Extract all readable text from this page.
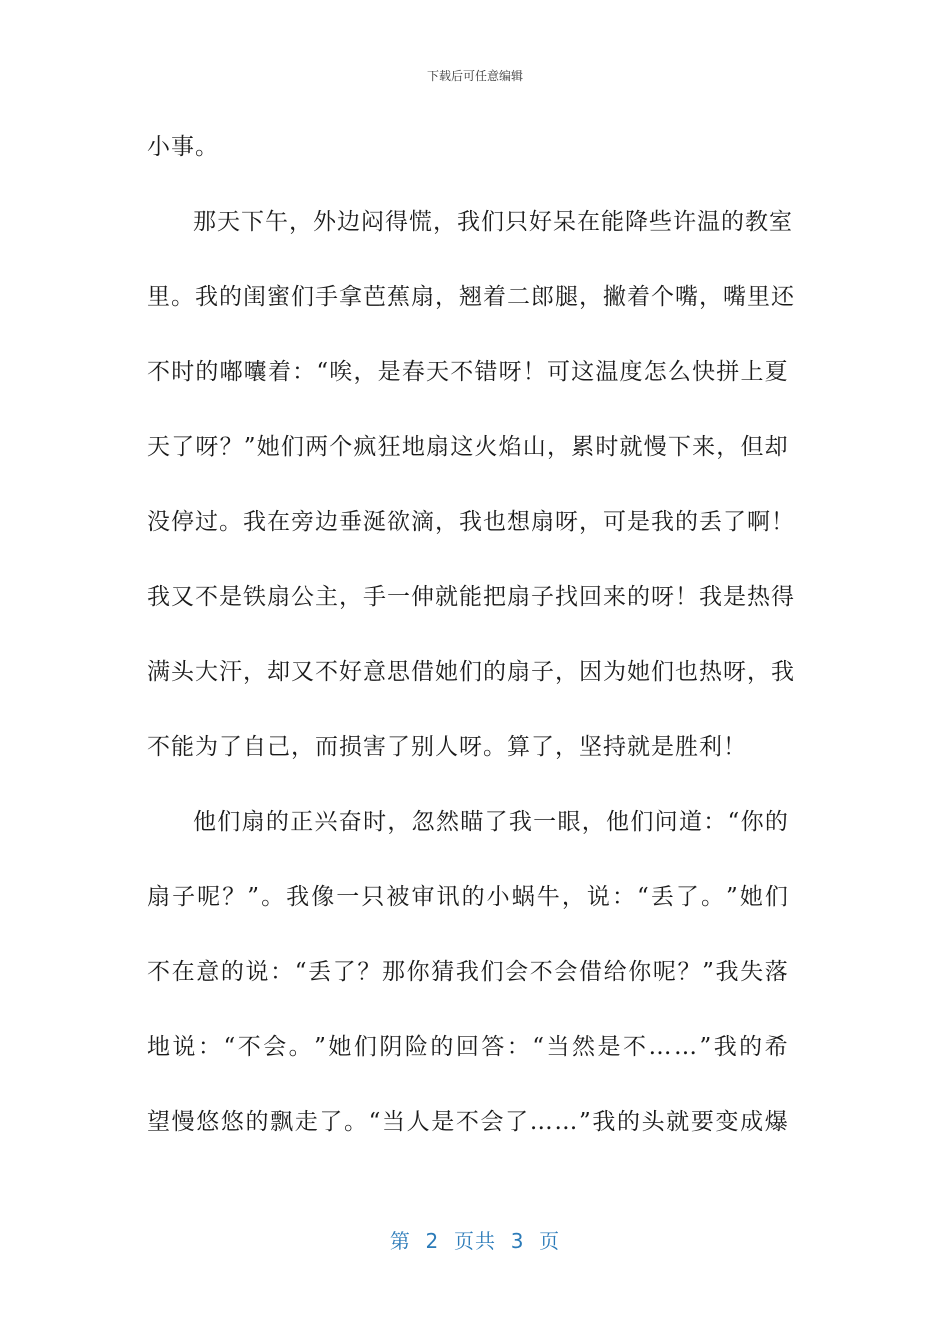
下载后可任意编辑
小事。
那 天 下 午 ， 外 边 闷 得 慌 ， 我 们 只 好 呆 在 能 降 些 许 温 的 教 室
里 。 我 的 闺 蜜 们 手 拿 芭 蕉 扇 ， 翘 着 二 郎 腿 ， 撇 着 个 嘴 ， 嘴 里 还
不 时 的 嘟 囔 着 ： “ 唉 ， 是 春 天 不 错 呀 ！ 可 这 温 度 怎 么 快 拼 上 夏
天 了 呀 ？ ” 她 们 两 个 疯 狂 地 扇 这 火 焰 山 ， 累 时 就 慢 下 来 ， 但 却
没 停 过 。 我 在 旁 边 垂 涎 欲 滴 ， 我 也 想 扇 呀 ， 可 是 我 的 丢 了 啊 ！
我 又 不 是 铁 扇 公 主 ， 手 一 伸 就 能 把 扇 子 找 回 来 的 呀 ！ 我 是 热 得
满 头 大 汗 ， 却 又 不 好 意 思 借 她 们 的 扇 子 ， 因 为 她 们 也 热 呀 ， 我
不能为了自己，而损害了别人呀。算了，坚持就是胜利！
他 们 扇 的 正 兴 奋 时 ， 忽 然 瞄 了 我 一 眼 ， 他 们 问 道 ： “ 你 的
扇 子 呢 ？ ” 。 我 像 一 只 被 审 讯 的 小 蜗 牛 ， 说 ： “ 丢 了 。 ” 她 们
不 在 意 的 说 ： “ 丢 了 ？ 那 你 猜 我 们 会 不 会 借 给 你 呢 ？ ” 我 失 落
地 说 ： “ 不 会 。 ” 她 们 阴 险 的 回 答 ： “ 当 然 是 不 … … ” 我 的 希
望 慢 悠 悠 的 飘 走 了 。 “ 当 人 是 不 会 了 … … ” 我 的 头 就 要 变 成 爆
第  2  页共  3  页
